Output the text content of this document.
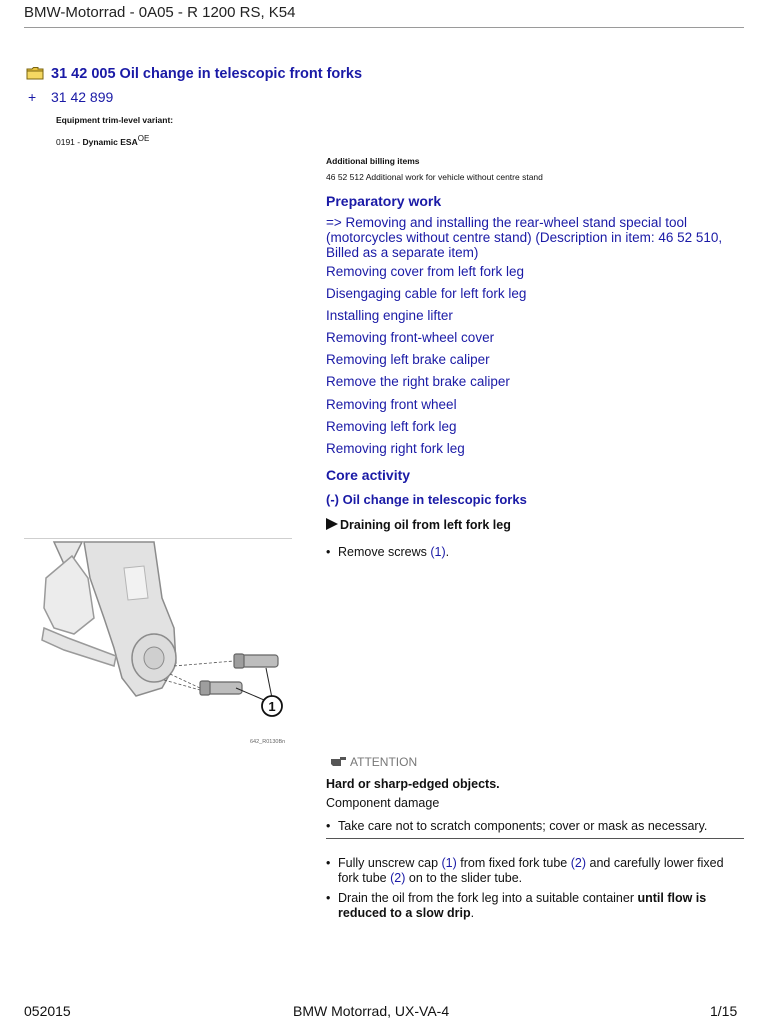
BMW-Motorrad - 0A05 - R 1200 RS, K54
31 42 005 Oil change in telescopic front forks
+ 31 42 899
Equipment trim-level variant:
0191 - Dynamic $ESA^{OE}$
Additional billing items
46 52 512 Additional work for vehicle without centre stand
Preparatory work
=> Removing and installing the rear-wheel stand special tool (motorcycles without centre stand) (Description in item: 46 52 510, Billed as a separate item)
Removing cover from left fork leg
Disengaging cable for left fork leg
Installing engine lifter
Removing front-wheel cover
Removing left brake caliper
Remove the right brake caliper
Removing front wheel
Removing left fork leg
Removing right fork leg
Core activity
(-) Oil change in telescopic forks
Draining oil from left fork leg
• Remove screws (1).
1
642_R0130Bn
ATTENTION
Hard or sharp-edged objects.
Component damage
• Take care not to scratch components; cover or mask as necessary.
• Fully unscrew cap (1) from fixed fork tube (2) and carefully lower fixed fork tube (2) on to the slider tube.
• Drain the oil from the fork leg into a suitable container until flow is reduced to a slow drip.
052015	BMW Motorrad, UX-VA-4	1/15
